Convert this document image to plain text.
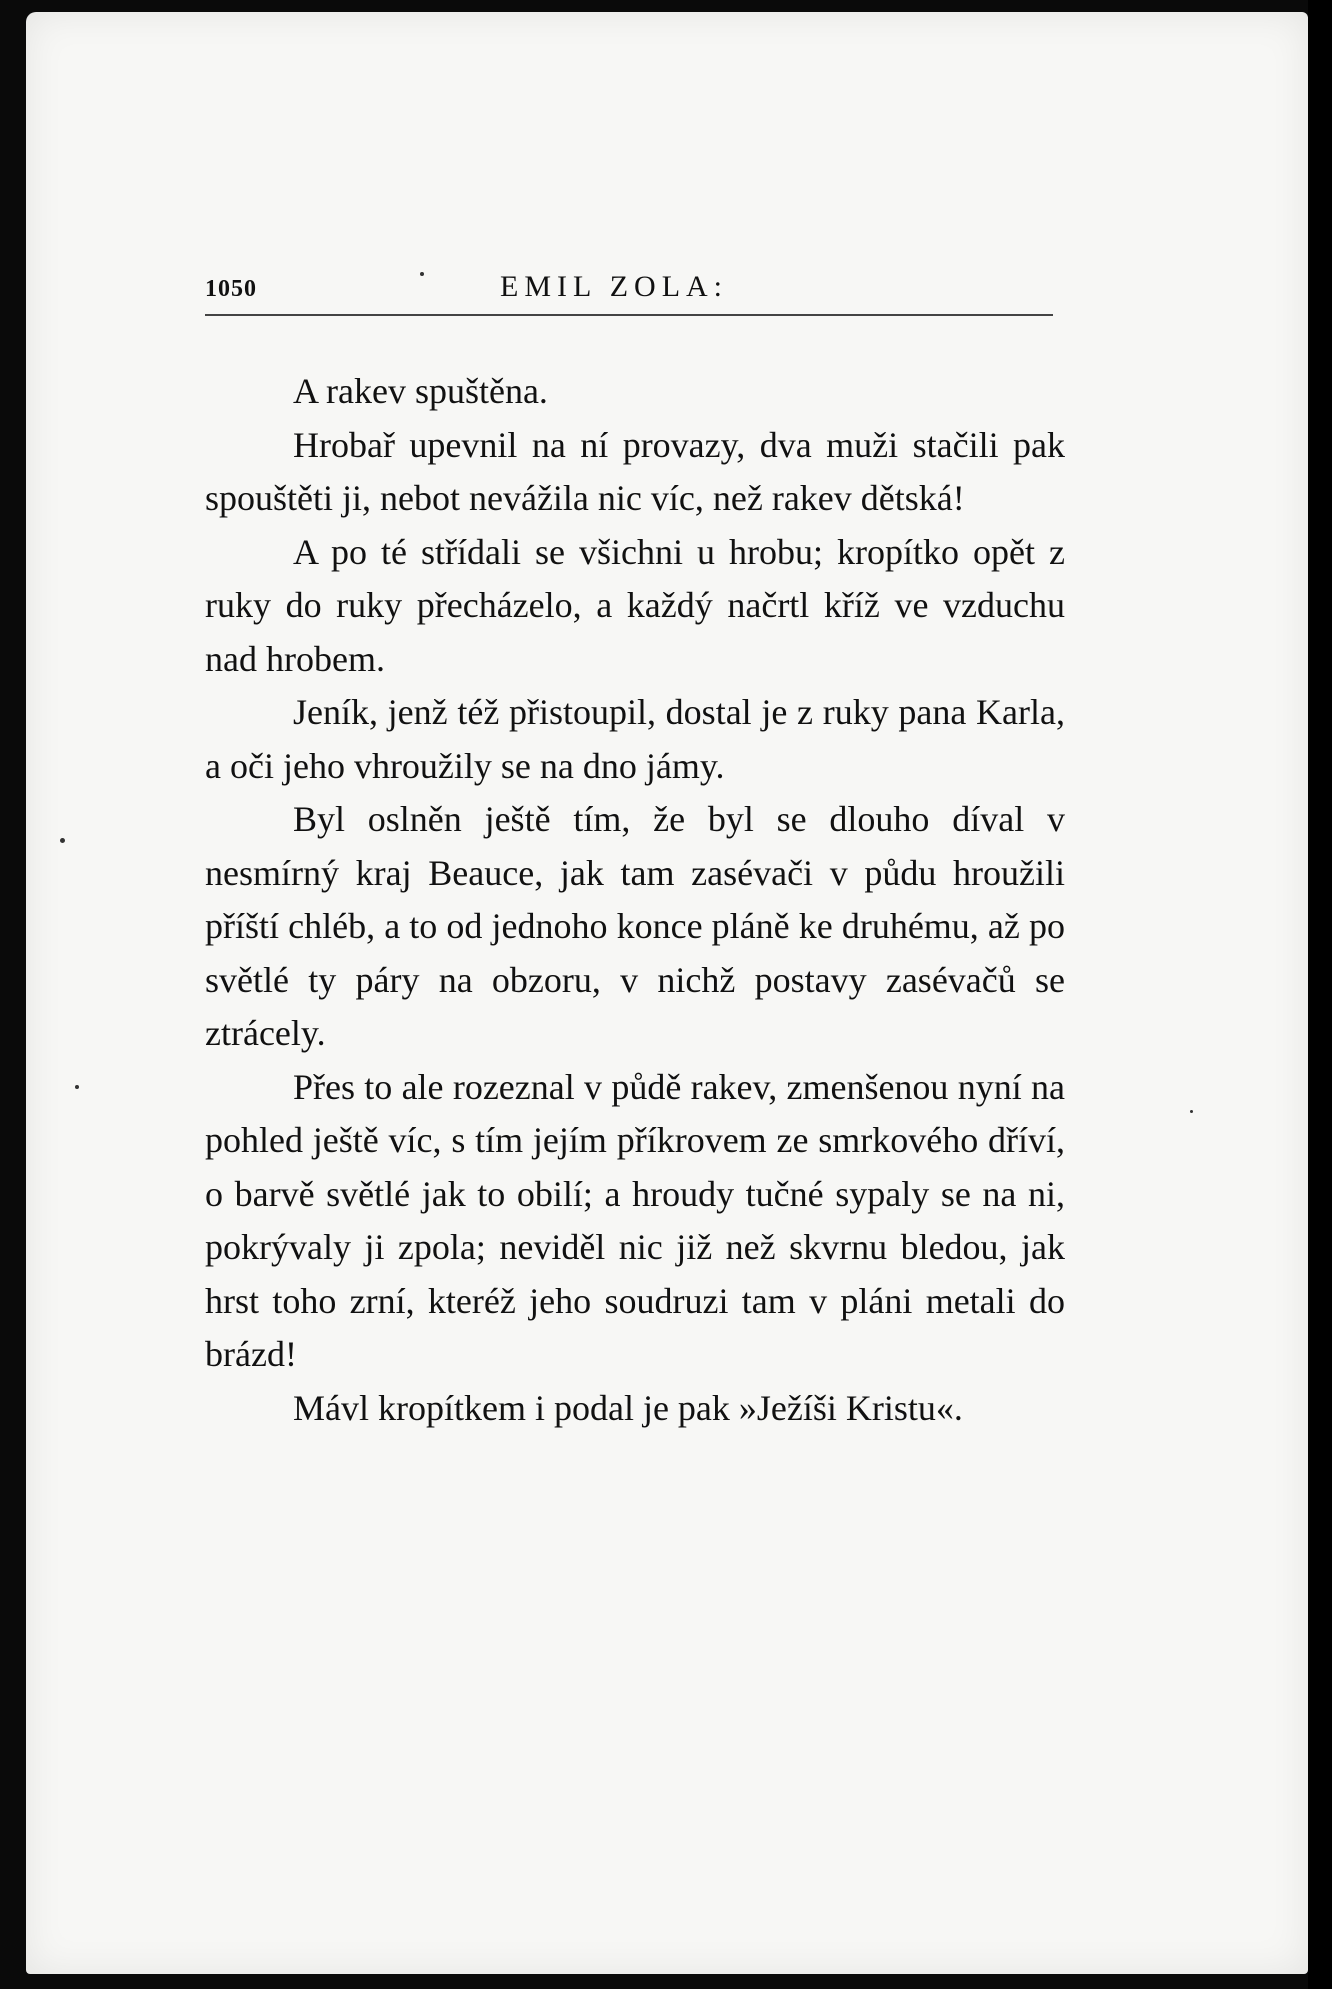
1050	EMIL ZOLA:

A rakev spuštěna.

Hrobař upevnil na ní provazy, dva muži stačili pak spouštěti ji, nebot nevážila nic víc, než rakev dětská!

A po té střídali se všichni u hrobu; kropítko opět z ruky do ruky přecházelo, a každý načrtl kříž ve vzduchu nad hrobem.

Jeník, jenž též přistoupil, dostal je z ruky pana Karla, a oči jeho vhroužily se na dno jámy.

Byl oslněn ještě tím, že byl se dlouho díval v nesmírný kraj Beauce, jak tam zasévači v půdu hroužili příští chléb, a to od jednoho konce pláně ke druhému, až po světlé ty páry na obzoru, v nichž postavy zasévačů se ztrácely.

Přes to ale rozeznal v půdě rakev, zmenšenou nyní na pohled ještě víc, s tím jejím příkrovem ze smrkového dříví, o barvě světlé jak to obilí; a hroudy tučné sypaly se na ni, pokrývaly ji zpola; neviděl nic již než skvrnu bledou, jak hrst toho zrní, kteréž jeho soudruzi tam v pláni metali do brázd!

Mávl kropítkem i podal je pak »Ježíši Kristu«.
